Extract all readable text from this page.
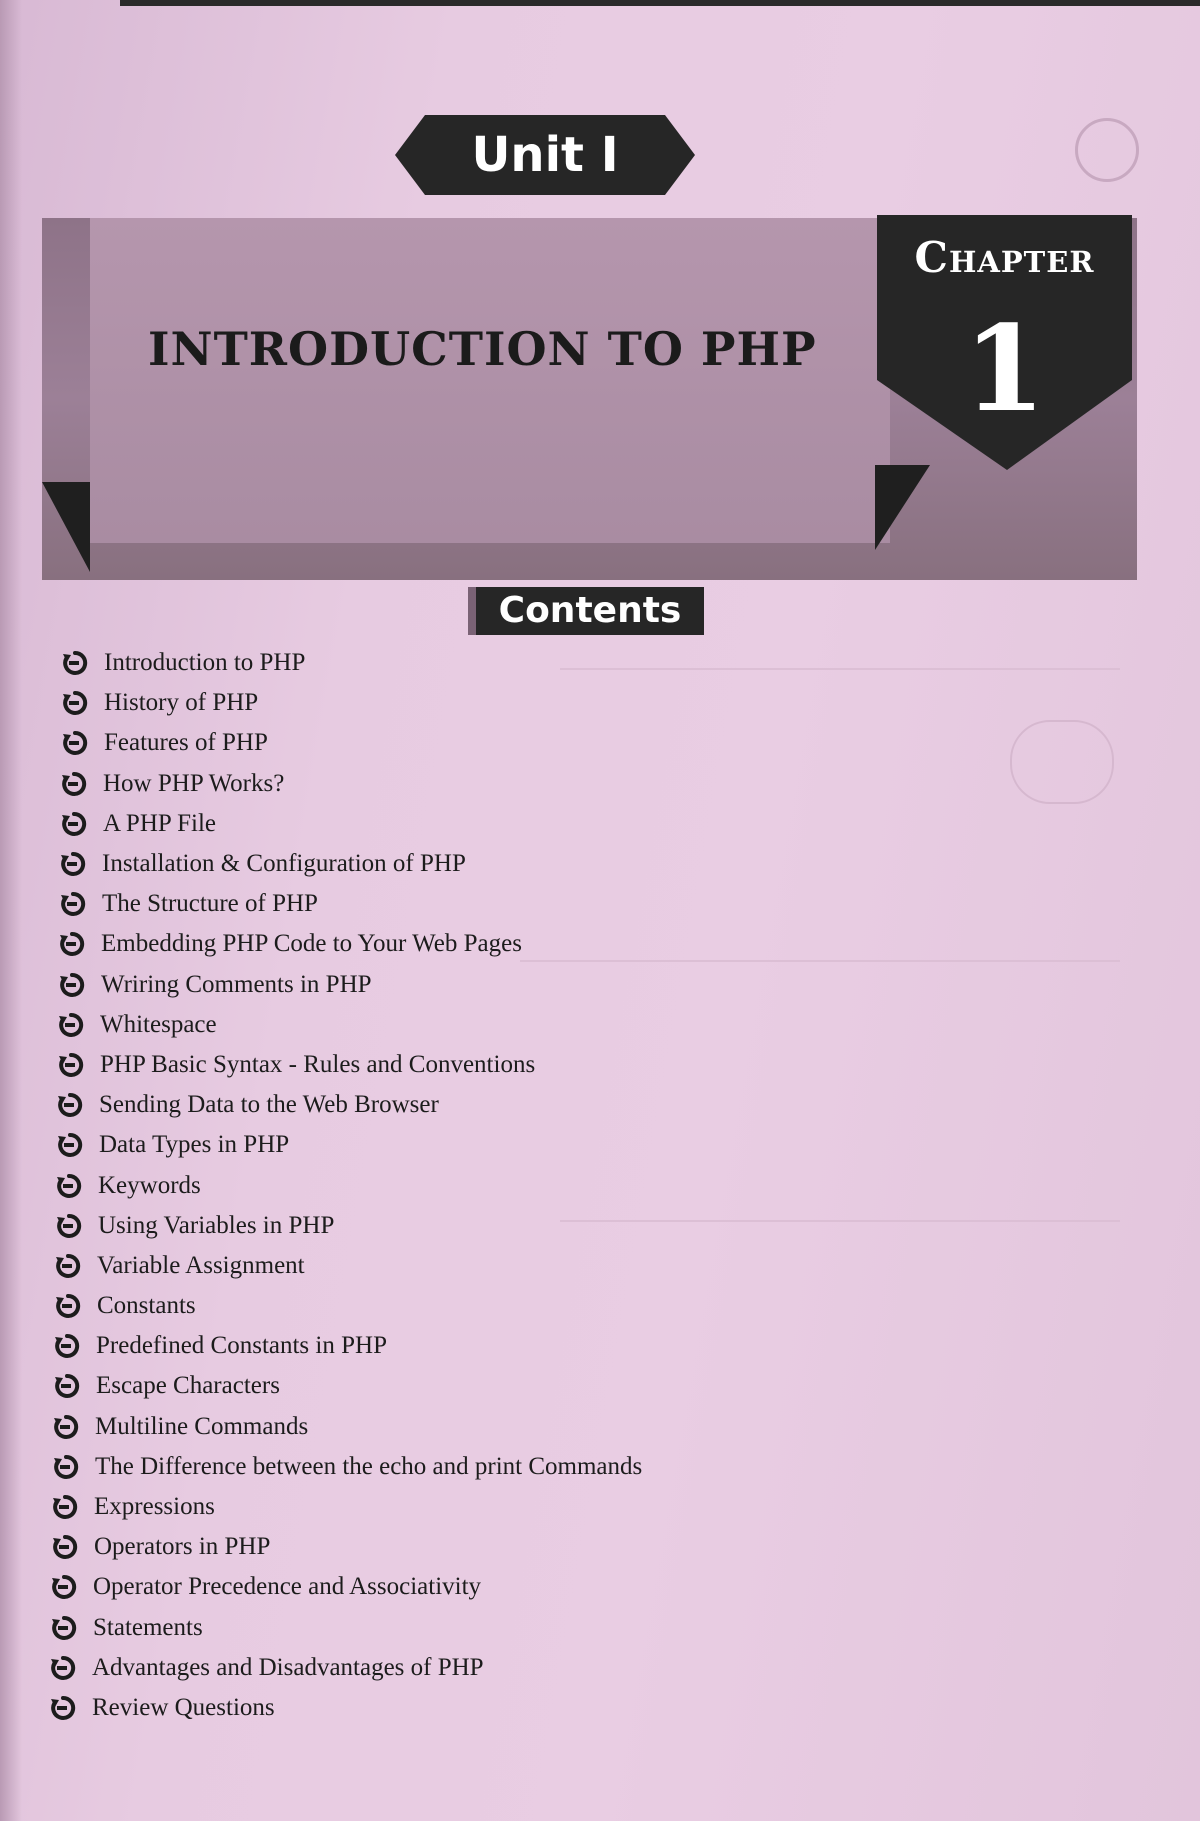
Unit I
INTRODUCTION TO PHP
Chapter
1
Contents
Introduction to PHP
History of PHP
Features of PHP
How PHP Works?
A PHP File
Installation & Configuration of PHP
The Structure of PHP
Embedding PHP Code to Your Web Pages
Wriring Comments in PHP
Whitespace
PHP Basic Syntax - Rules and Conventions
Sending Data to the Web Browser
Data Types in PHP
Keywords
Using Variables in PHP
Variable Assignment
Constants
Predefined Constants in PHP
Escape Characters
Multiline Commands
The Difference between the echo and print Commands
Expressions
Operators in PHP
Operator Precedence and Associativity
Statements
Advantages and Disadvantages of PHP
Review Questions
